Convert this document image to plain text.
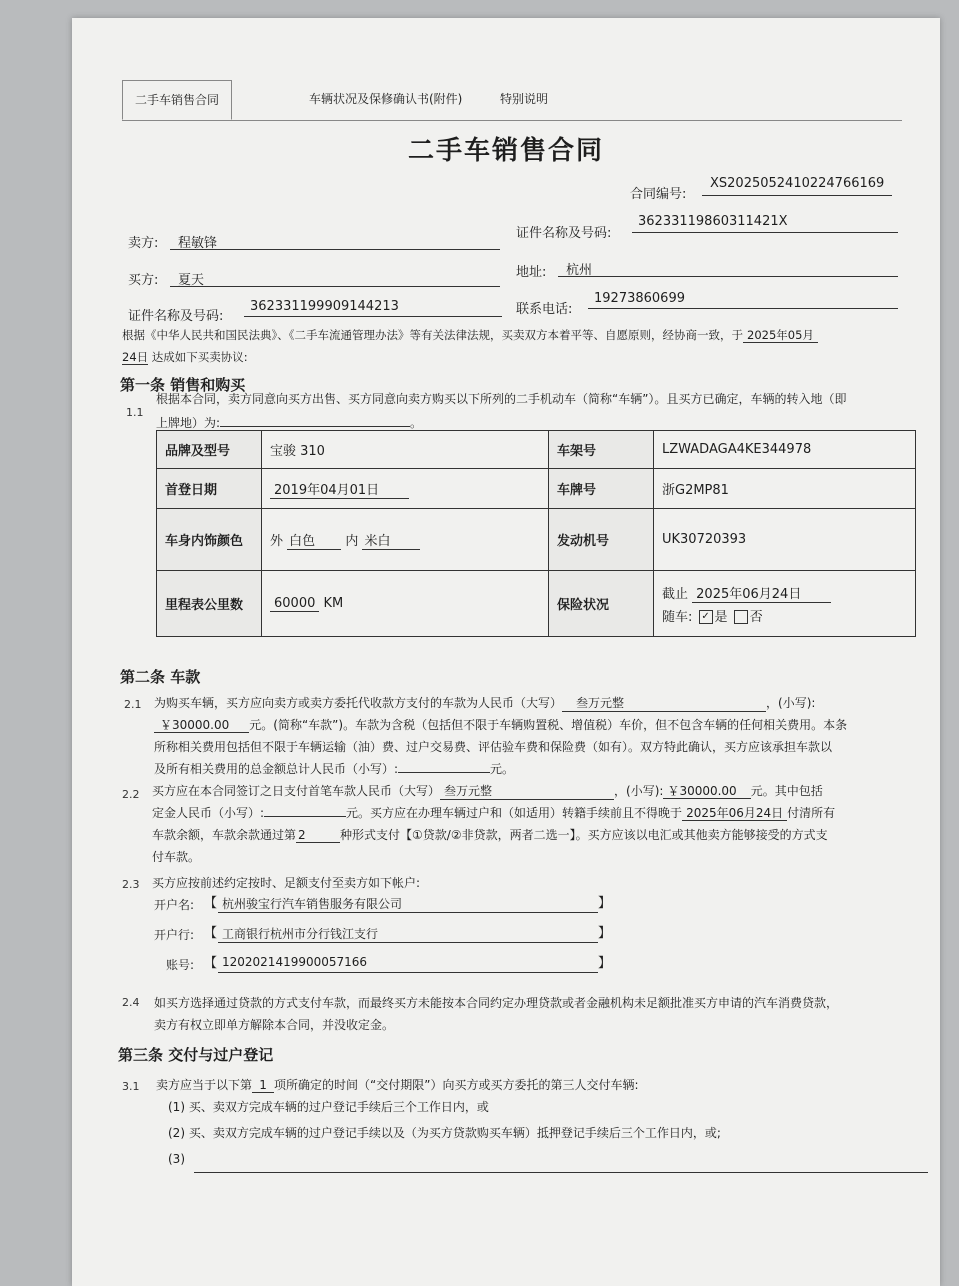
二手车销售合同	车辆状况及保修确认书(附件)	特别说明
二手车销售合同
合同编号:
XS2025052410224766169
卖方: 程敏锋
证件名称及号码:
36233119860311421X
买方: 夏天
地址: 杭州
证件名称及号码:
362331199909144213	联系电话:
19273860699
根据《中华人民共和国民法典》、《二手车流通管理办法》等有关法律法规，买卖双方本着平等、自愿原则，经协商一致，于 2025年05月
24日 达成如下买卖协议:
第一条 销售和购买
1.1
根据本合同，卖方同意向买方出售、买方同意向卖方购买以下所列的二手机动车（简称“车辆”）。且买方已确定，车辆的转入地（即
上牌地）为:	。
品牌及型号	宝骏 310	车架号	LZWADAGA4KE344978
首登日期	2019年04月01日	车牌号	浙G2MP81
车身内饰颜色	外 白色 内 米白	发动机号	UK30720393
里程表公里数	60000 KM	保险状况	截止 2025年06月24日
随车: ✓ 是 否
第二条 车款
2.1 为购买车辆，买方应向卖方或卖方委托代收款方支付的车款为人民币（大写） 叁万元整	，(小写):
￥30000.00 元。(简称“车款”)。车款为含税（包括但不限于车辆购置税、增值税）车价，但不包含车辆的任何相关费用。本条
所称相关费用包括但不限于车辆运输（油）费、过户交易费、评估验车费和保险费（如有）。双方特此确认，买方应该承担车款以
及所有相关费用的总金额总计人民币（小写）:	元。
2.2 买方应在本合同签订之日支付首笔车款人民币（大写） 叁万元整	，(小写): ￥30000.00 元。其中包括
定金人民币（小写）:	元。买方应在办理车辆过户和（如适用）转籍手续前且不得晚于 2025年06月24日 付清所有
车款余额，车款余款通过第 2	种形式支付【①贷款/②非贷款，两者二选一】。买方应该以电汇或其他卖方能够接受的方式支
付车款。
2.3 买方应按前述约定按时、足额支付至卖方如下帐户:
开户名: 【 杭州骏宝行汽车销售服务有限公司	】
开户行: 【 工商银行杭州市分行钱江支行	】
账号: 【 1202021419900057166	】
2.4 如买方选择通过贷款的方式支付车款，而最终买方未能按本合同约定办理贷款或者金融机构未足额批准买方申请的汽车消费贷款，
卖方有权立即单方解除本合同，并没收定金。
第三条 交付与过户登记
3.1 卖方应当于以下第 1 项所确定的时间（“交付期限”）向买方或买方委托的第三人交付车辆:
(1) 买、卖双方完成车辆的过户登记手续后三个工作日内，或
(2) 买、卖双方完成车辆的过户登记手续以及（为买方贷款购买车辆）抵押登记手续后三个工作日内，或;
(3)
